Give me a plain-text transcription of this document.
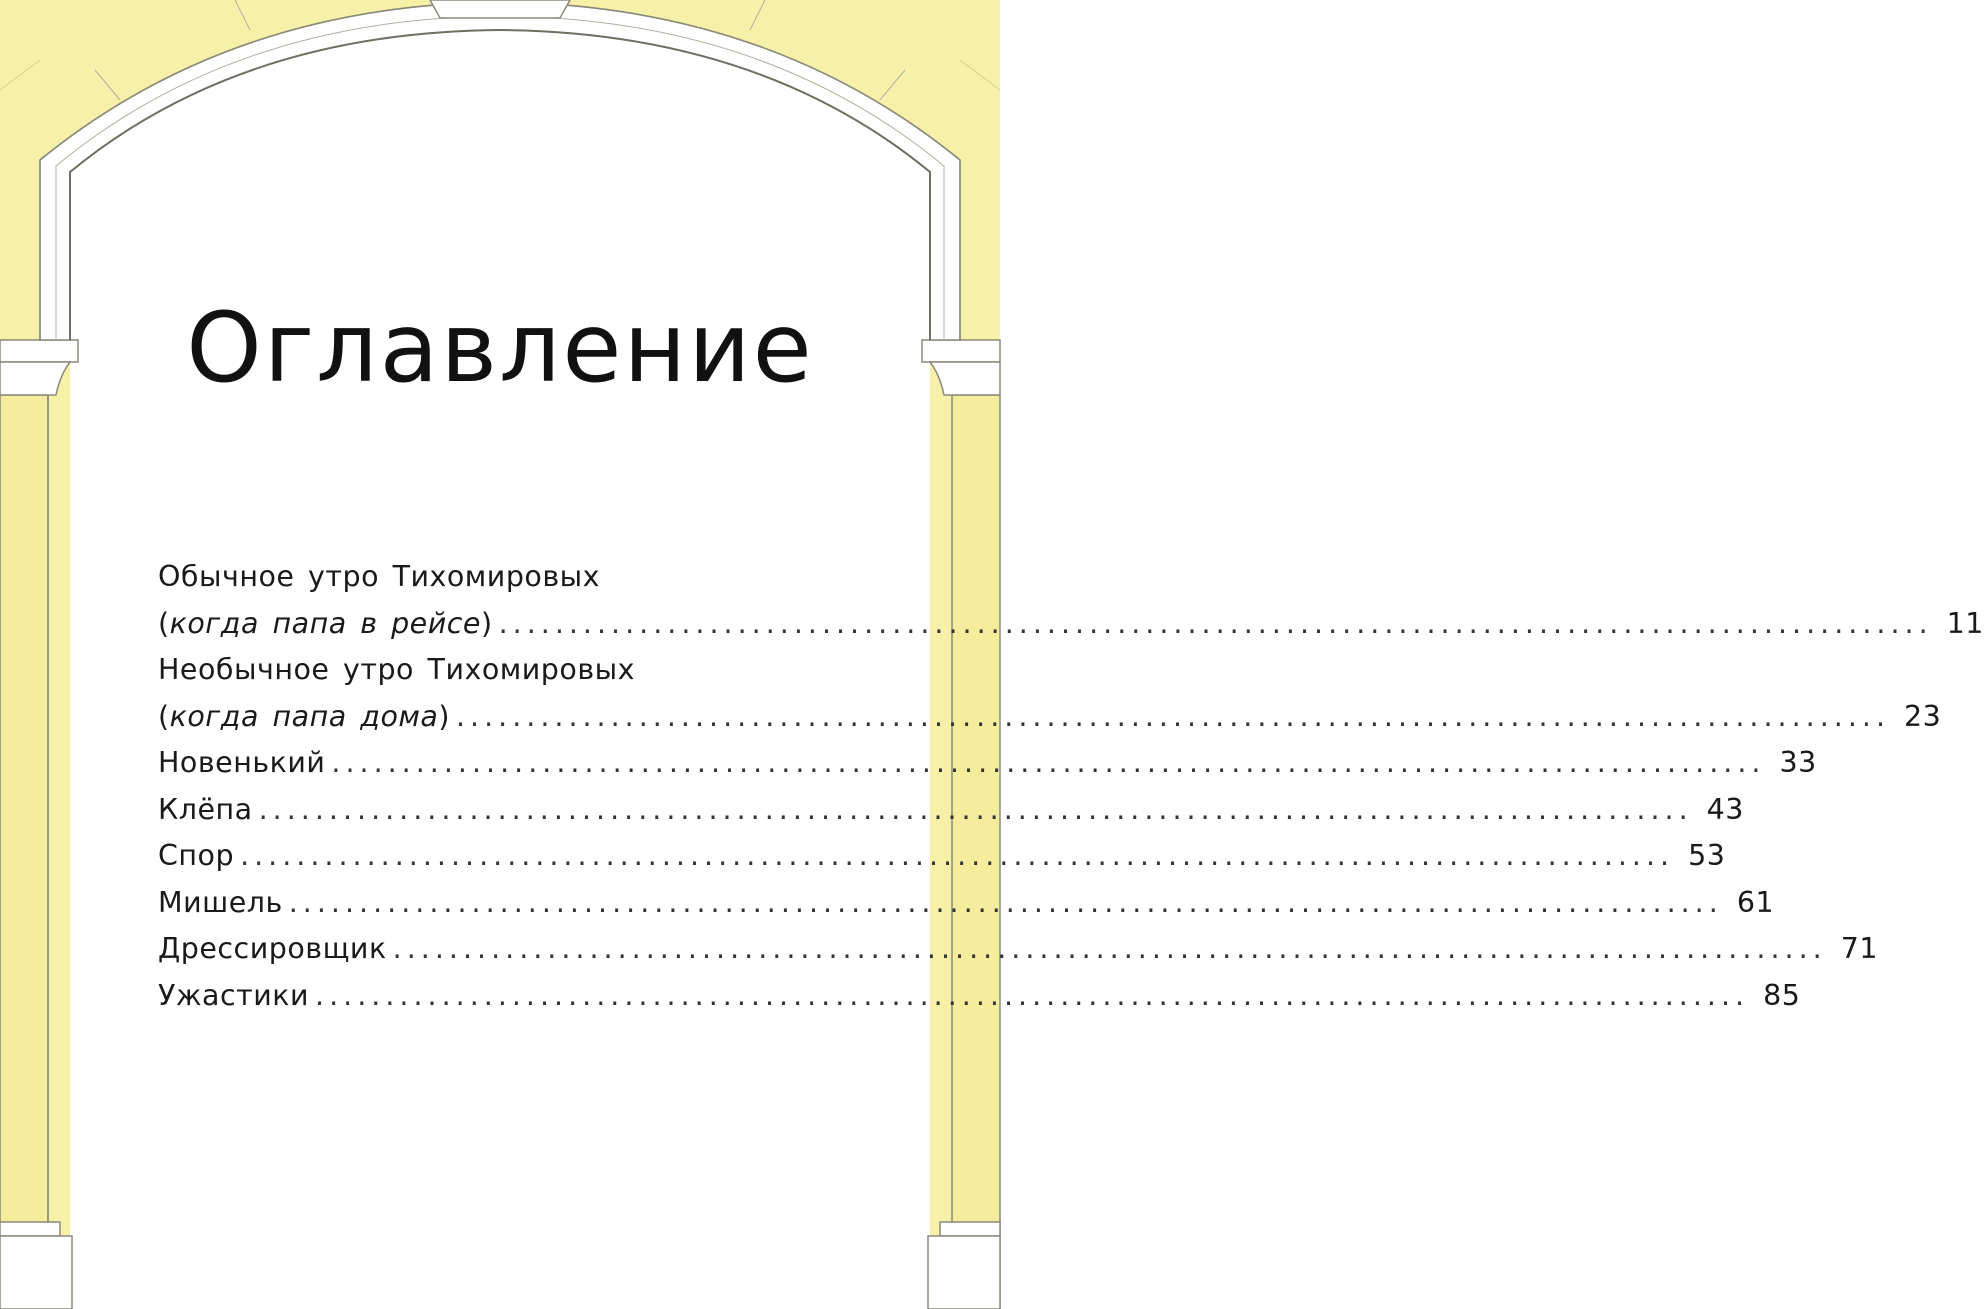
Оглавление
Обычное утро Тихомировых
(когда папа в рейсе) ...................................................................................................... 11
Необычное утро Тихомировых
(когда папа дома) ...................................................................................................... 23
Новенький ...................................................................................................... 33
Клёпа ...................................................................................................... 43
Спор ...................................................................................................... 53
Мишель ...................................................................................................... 61
Дрессировщик ...................................................................................................... 71
Ужастики ...................................................................................................... 85
